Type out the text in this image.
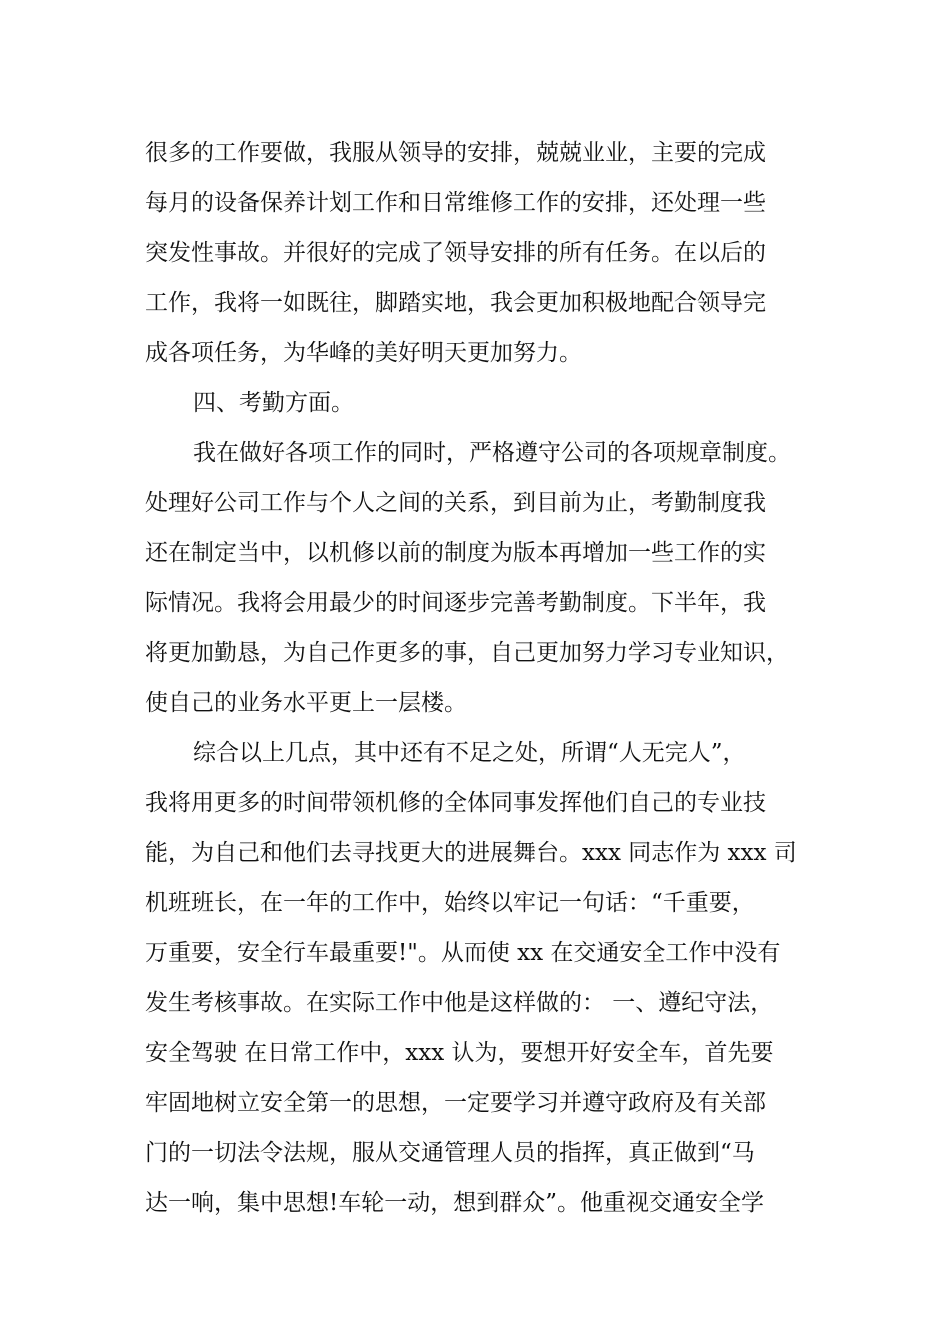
很多的工作要做，我服从领导的安排，兢兢业业，主要的完成
每月的设备保养计划工作和日常维修工作的安排，还处理一些
突发性事故。并很好的完成了领导安排的所有任务。在以后的
工作，我将一如既往，脚踏实地，我会更加积极地配合领导完
成各项任务，为华峰的美好明天更加努力。
四、考勤方面。
我在做好各项工作的同时，严格遵守公司的各项规章制度。
处理好公司工作与个人之间的关系，到目前为止，考勤制度我
还在制定当中，以机修以前的制度为版本再增加一些工作的实
际情况。我将会用最少的时间逐步完善考勤制度。下半年，我
将更加勤恳，为自己作更多的事，自己更加努力学习专业知识，
使自己的业务水平更上一层楼。
综合以上几点，其中还有不足之处，所谓“人无完人”，
我将用更多的时间带领机修的全体同事发挥他们自己的专业技
能，为自己和他们去寻找更大的进展舞台。xxx 同志作为 xxx 司
机班班长，在一年的工作中，始终以牢记一句话：“千重要，
万重要，安全行车最重要!"。从而使 xx 在交通安全工作中没有
发生考核事故。在实际工作中他是这样做的： 一、遵纪守法，
安全驾驶 在日常工作中，xxx 认为，要想开好安全车，首先要
牢固地树立安全第一的思想，一定要学习并遵守政府及有关部
门的一切法令法规，服从交通管理人员的指挥，真正做到“马
达一响，集中思想!车轮一动，想到群众”。他重视交通安全学
